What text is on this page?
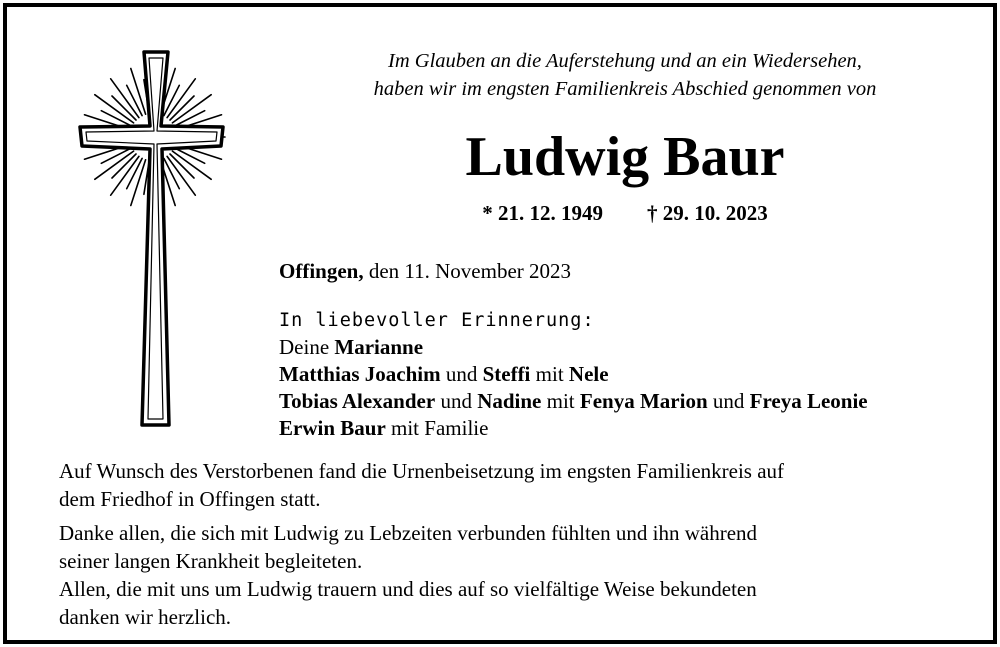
Im Glauben an die Auferstehung und an ein Wiedersehen,
haben wir im engsten Familienkreis Abschied genommen von
Ludwig Baur
* 21. 12. 1949 † 29. 10. 2023
Offingen, den 11. November 2023
In liebevoller Erinnerung:
Deine Marianne
Matthias Joachim und Steffi mit Nele
Tobias Alexander und Nadine mit Fenya Marion und Freya Leonie
Erwin Baur mit Familie

Auf Wunsch des Verstorbenen fand die Urnenbeisetzung im engsten Familienkreis auf
dem Friedhof in Offingen statt.

Danke allen, die sich mit Ludwig zu Lebzeiten verbunden fühlten und ihn während
seiner langen Krankheit begleiteten.
Allen, die mit uns um Ludwig trauern und dies auf so vielfältige Weise bekundeten
danken wir herzlich.
